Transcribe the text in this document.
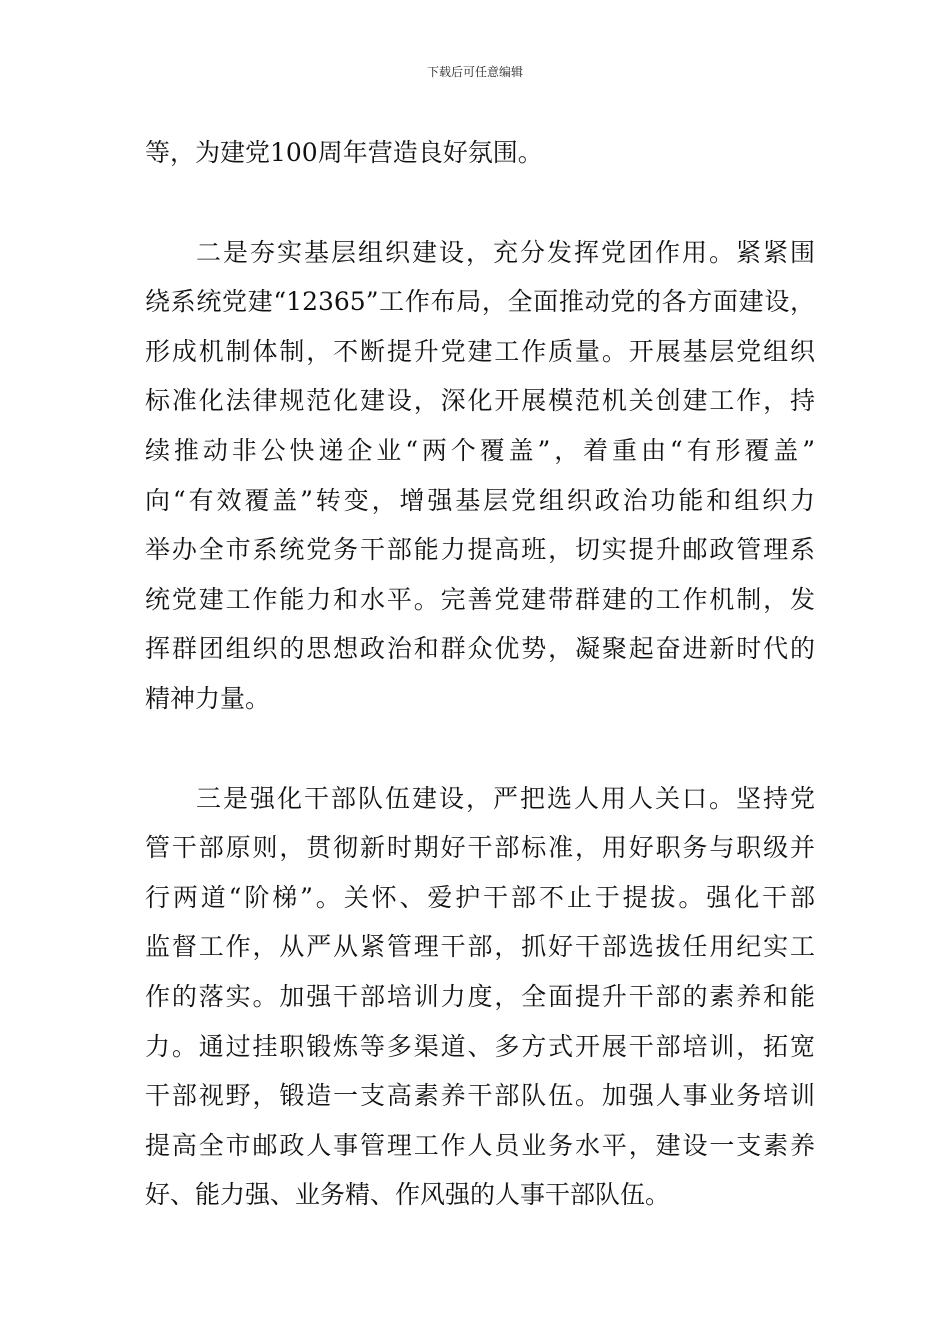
下载后可任意编辑
等，为建党100周年营造良好氛围。
二是夯实基层组织建设，充分发挥党团作用。紧紧围
绕系统党建“12365”工作布局，全面推动党的各方面建设，
形成机制体制，不断提升党建工作质量。开展基层党组织
标准化法律规范化建设，深化开展模范机关创建工作，持
续推动非公快递企业“两个覆盖”，着重由“有形覆盖”
向“有效覆盖”转变，增强基层党组织政治功能和组织力
举办全市系统党务干部能力提高班，切实提升邮政管理系
统党建工作能力和水平。完善党建带群建的工作机制，发
挥群团组织的思想政治和群众优势，凝聚起奋进新时代的
精神力量。
三是强化干部队伍建设，严把选人用人关口。坚持党
管干部原则，贯彻新时期好干部标准，用好职务与职级并
行两道“阶梯”。关怀、爱护干部不止于提拔。强化干部
监督工作，从严从紧管理干部，抓好干部选拔任用纪实工
作的落实。加强干部培训力度，全面提升干部的素养和能
力。通过挂职锻炼等多渠道、多方式开展干部培训，拓宽
干部视野，锻造一支高素养干部队伍。加强人事业务培训
提高全市邮政人事管理工作人员业务水平，建设一支素养
好、能力强、业务精、作风强的人事干部队伍。
